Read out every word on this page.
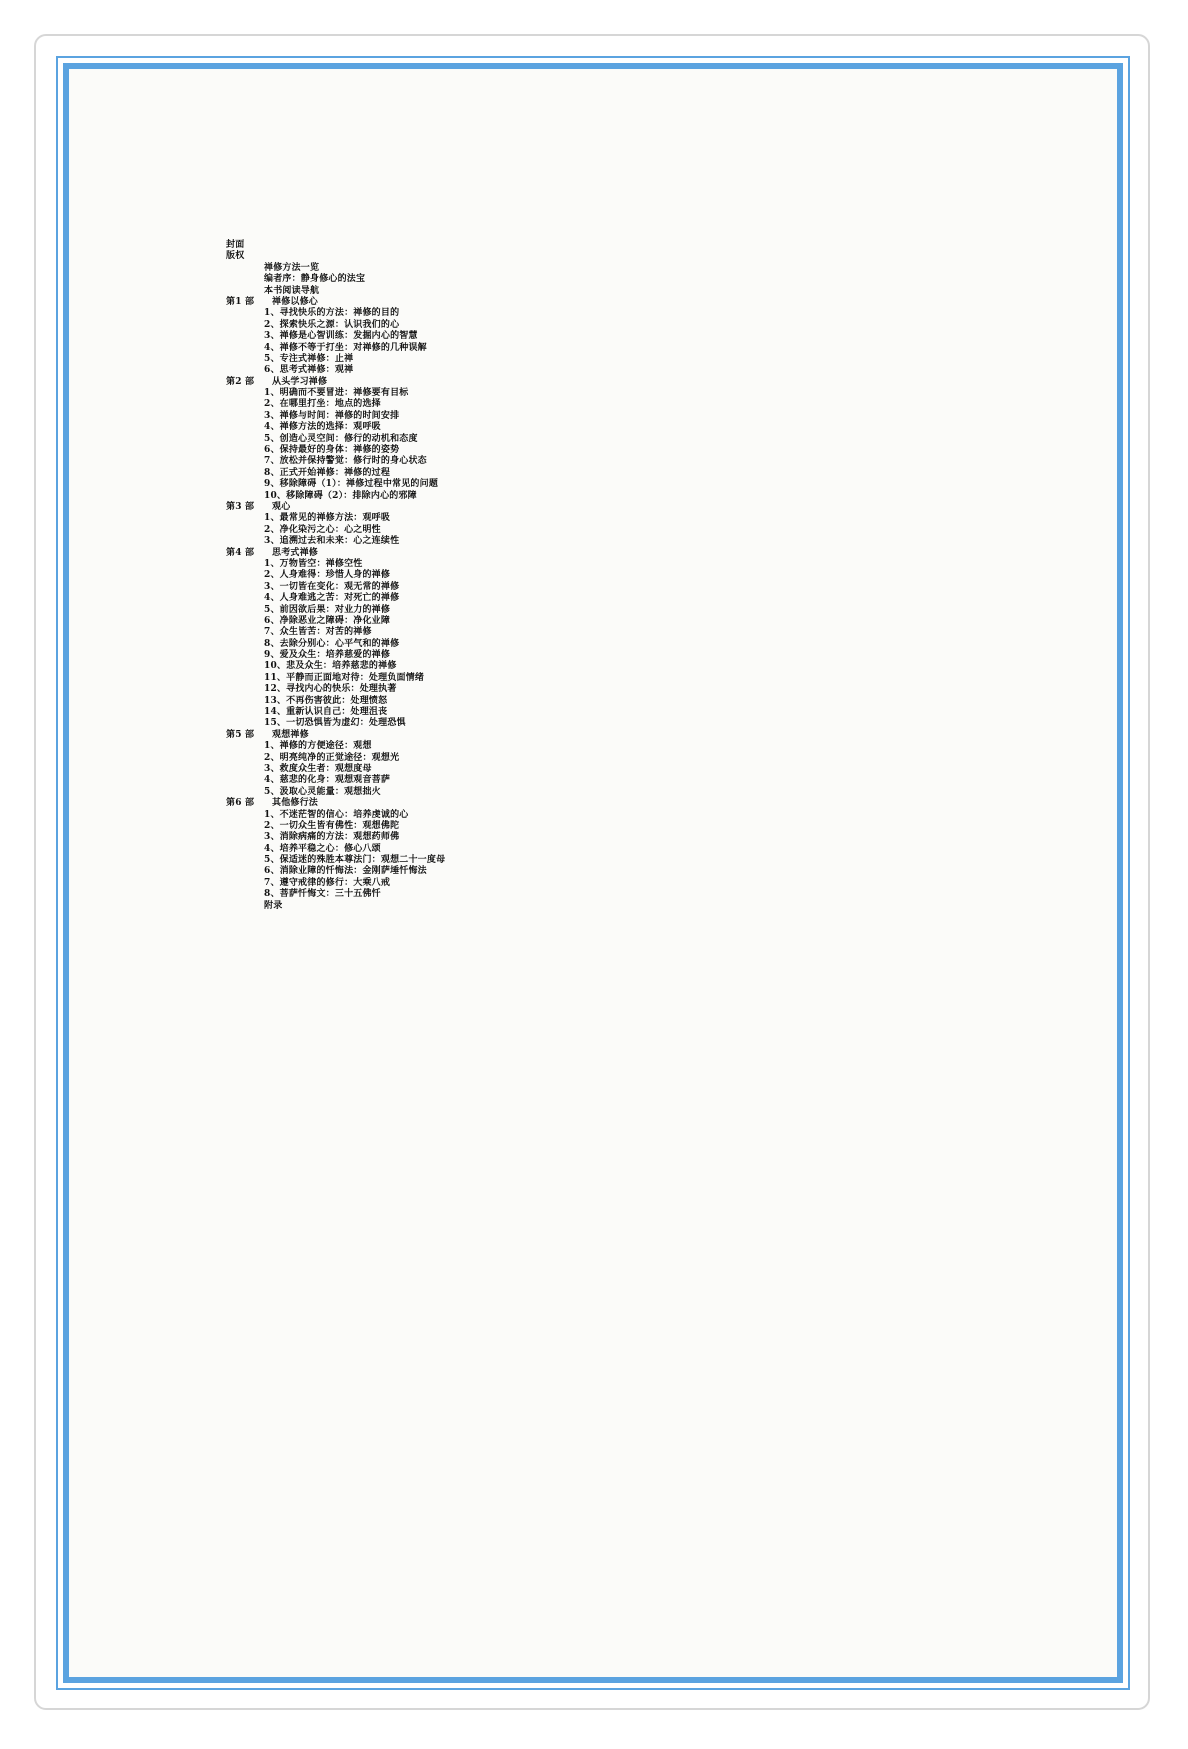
封面
版权
禅修方法一览
编者序：静身修心的法宝
本书阅读导航
第1 部 禅修以修心
1、寻找快乐的方法：禅修的目的
2、探索快乐之源：认识我们的心
3、禅修是心智训练：发掘内心的智慧
4、禅修不等于打坐：对禅修的几种误解
5、专注式禅修：止禅
6、思考式禅修：观禅
第2 部 从头学习禅修
1、明确而不要冒进：禅修要有目标
2、在哪里打坐：地点的选择
3、禅修与时间：禅修的时间安排
4、禅修方法的选择：观呼吸
5、创造心灵空间：修行的动机和态度
6、保持最好的身体：禅修的姿势
7、放松并保持警觉：修行时的身心状态
8、正式开始禅修：禅修的过程
9、移除障碍（1）：禅修过程中常见的问题
10、移除障碍（2）：排除内心的邪障
第3 部 观心
1、最常见的禅修方法：观呼吸
2、净化染污之心：心之明性
3、追溯过去和未来：心之连续性
第4 部 思考式禅修
1、万物皆空：禅修空性
2、人身难得：珍惜人身的禅修
3、一切皆在变化：观无常的禅修
4、人身难逃之苦：对死亡的禅修
5、前因欲后果：对业力的禅修
6、净除恶业之障碍：净化业障
7、众生皆苦：对苦的禅修
8、去除分别心：心平气和的禅修
9、爱及众生：培养慈爱的禅修
10、悲及众生：培养慈悲的禅修
11、平静而正面地对待：处理负面情绪
12、寻找内心的快乐：处理执著
13、不再伤害彼此：处理愤怒
14、重新认识自己：处理沮丧
15、一切恐惧皆为虚幻：处理恐惧
第5 部 观想禅修
1、禅修的方便途径：观想
2、明亮纯净的正觉途径：观想光
3、救度众生者：观想度母
4、慈悲的化身：观想观音菩萨
5、汲取心灵能量：观想拙火
第6 部 其他修行法
1、不迷茫智的信心：培养虔诚的心
2、一切众生皆有佛性：观想佛陀
3、消除病痛的方法：观想药师佛
4、培养平稳之心：修心八颂
5、保适迷的殊胜本尊法门：观想二十一度母
6、消除业障的忏悔法：金刚萨埵忏悔法
7、遵守戒律的修行：大乘八戒
8、菩萨忏悔文：三十五佛忏
附录
